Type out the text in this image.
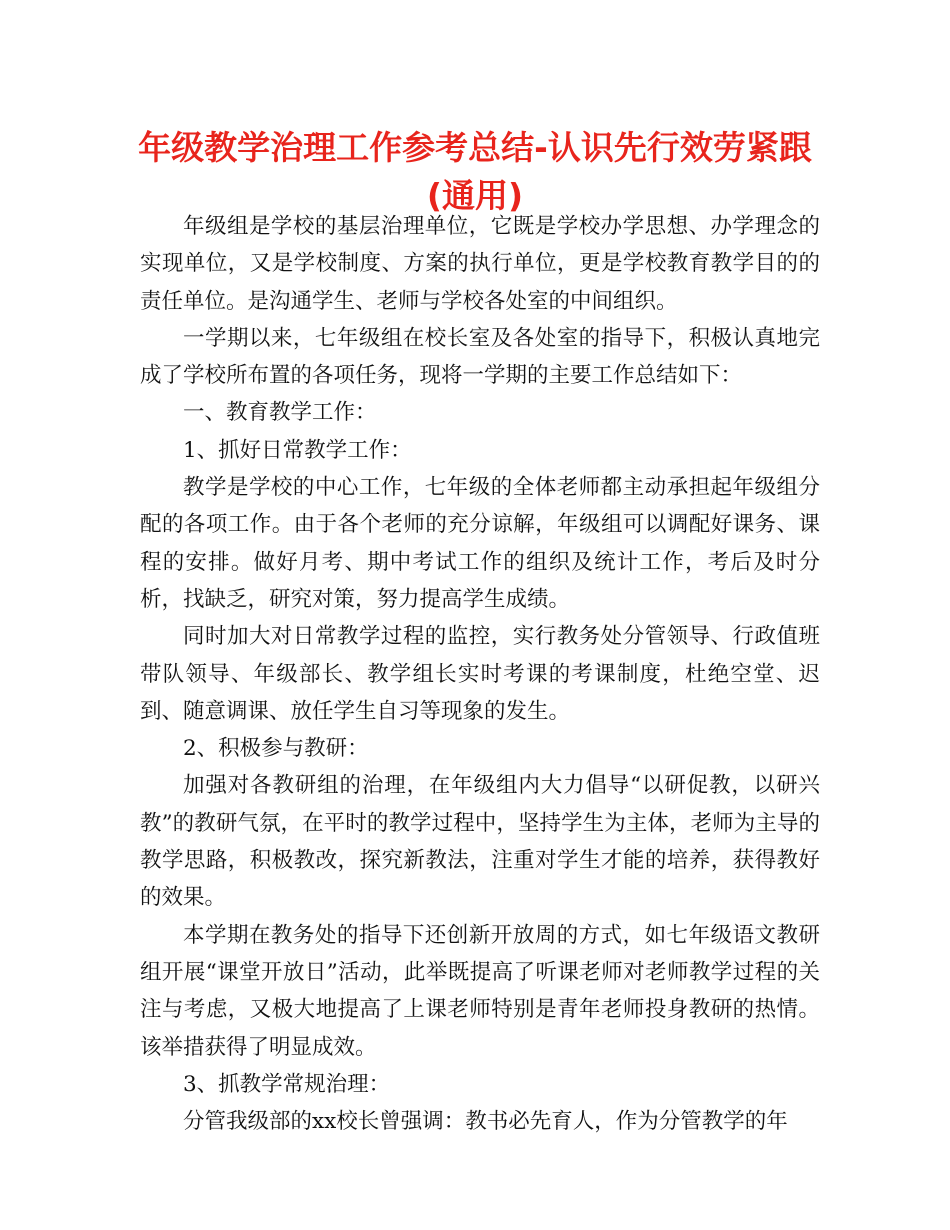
年级教学治理工作参考总结-认识先行效劳紧跟
(通用)

年级组是学校的基层治理单位，它既是学校办学思想、办学理念的实现单位，又是学校制度、方案的执行单位，更是学校教育教学目的的责任单位。是沟通学生、老师与学校各处室的中间组织。

一学期以来，七年级组在校长室及各处室的指导下，积极认真地完成了学校所布置的各项任务，现将一学期的主要工作总结如下：

一、教育教学工作：

1、抓好日常教学工作：

教学是学校的中心工作，七年级的全体老师都主动承担起年级组分配的各项工作。由于各个老师的充分谅解，年级组可以调配好课务、课程的安排。做好月考、期中考试工作的组织及统计工作，考后及时分析，找缺乏，研究对策，努力提高学生成绩。

同时加大对日常教学过程的监控，实行教务处分管领导、行政值班带队领导、年级部长、教学组长实时考课的考课制度，杜绝空堂、迟到、随意调课、放任学生自习等现象的发生。

2、积极参与教研：

加强对各教研组的治理，在年级组内大力倡导“以研促教，以研兴教”的教研气氛，在平时的教学过程中，坚持学生为主体，老师为主导的教学思路，积极教改，探究新教法，注重对学生才能的培养，获得教好的效果。

本学期在教务处的指导下还创新开放周的方式，如七年级语文教研组开展“课堂开放日”活动，此举既提高了听课老师对老师教学过程的关注与考虑，又极大地提高了上课老师特别是青年老师投身教研的热情。该举措获得了明显成效。

3、抓教学常规治理：

分管我级部的xx校长曾强调：教书必先育人，作为分管教学的年
